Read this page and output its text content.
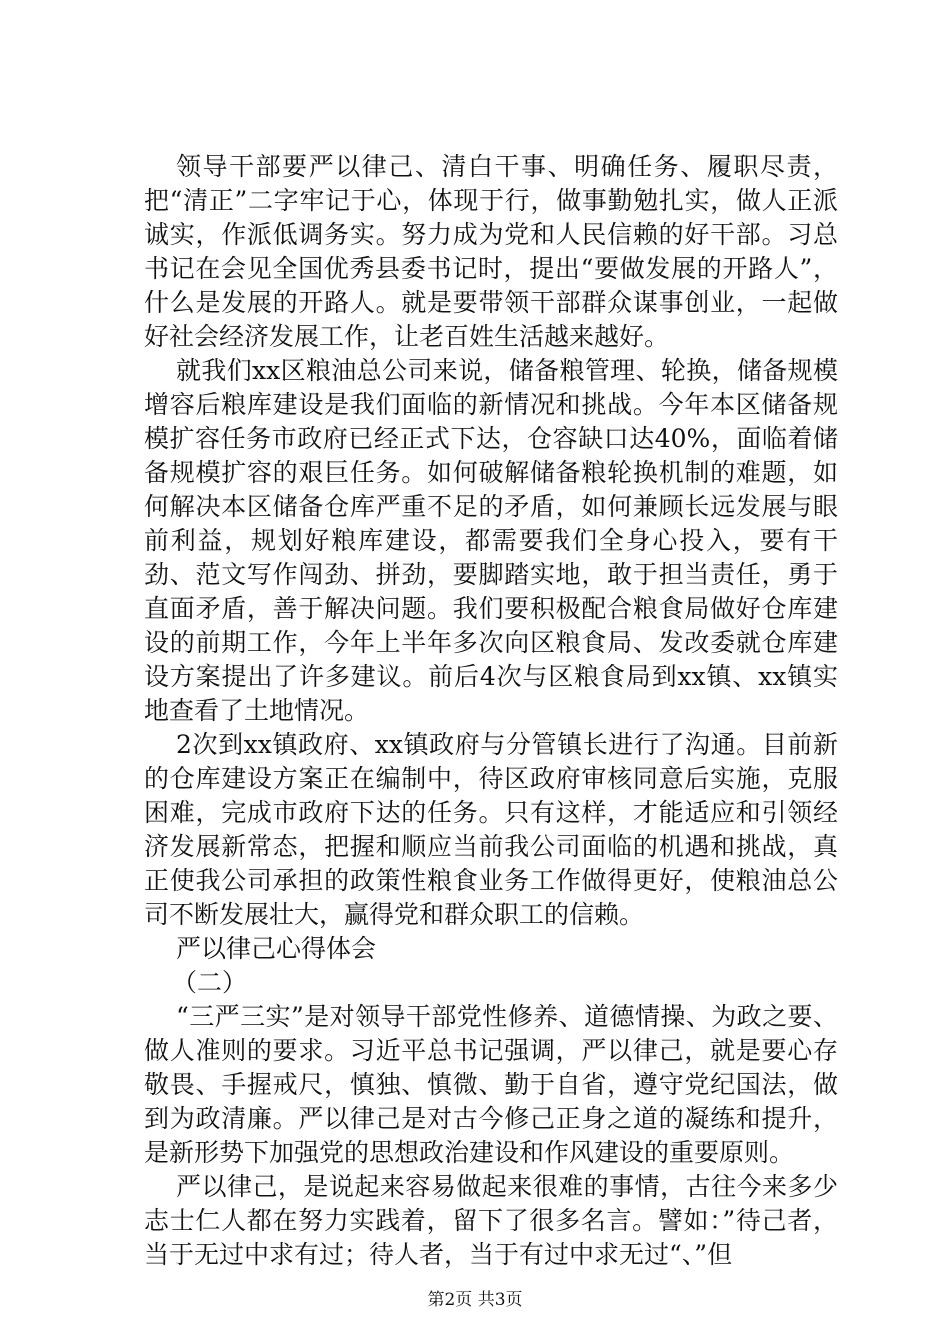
领导干部要严以律己、清白干事、明确任务、履职尽责，把“清正”二字牢记于心，体现于行，做事勤勉扎实，做人正派诚实，作派低调务实。努力成为党和人民信赖的好干部。习总书记在会见全国优秀县委书记时，提出“要做发展的开路人”，什么是发展的开路人。就是要带领干部群众谋事创业，一起做好社会经济发展工作，让老百姓生活越来越好。

就我们xx区粮油总公司来说，储备粮管理、轮换，储备规模增容后粮库建设是我们面临的新情况和挑战。今年本区储备规模扩容任务市政府已经正式下达，仓容缺口达40%，面临着储备规模扩容的艰巨任务。如何破解储备粮轮换机制的难题，如何解决本区储备仓库严重不足的矛盾，如何兼顾长远发展与眼前利益，规划好粮库建设，都需要我们全身心投入，要有干劲、范文写作闯劲、拼劲，要脚踏实地，敢于担当责任，勇于直面矛盾，善于解决问题。我们要积极配合粮食局做好仓库建设的前期工作，今年上半年多次向区粮食局、发改委就仓库建设方案提出了许多建议。前后4次与区粮食局到xx镇、xx镇实地查看了土地情况。

2次到xx镇政府、xx镇政府与分管镇长进行了沟通。目前新的仓库建设方案正在编制中，待区政府审核同意后实施，克服困难，完成市政府下达的任务。只有这样，才能适应和引领经济发展新常态，把握和顺应当前我公司面临的机遇和挑战，真正使我公司承担的政策性粮食业务工作做得更好，使粮油总公司不断发展壮大，赢得党和群众职工的信赖。

严以律己心得体会

（二）

“三严三实”是对领导干部党性修养、道德情操、为政之要、做人准则的要求。习近平总书记强调，严以律己，就是要心存敬畏、手握戒尺，慎独、慎微、勤于自省，遵守党纪国法，做到为政清廉。严以律己是对古今修己正身之道的凝练和提升，是新形势下加强党的思想政治建设和作风建设的重要原则。

严以律己，是说起来容易做起来很难的事情，古往今来多少志士仁人都在努力实践着，留下了很多名言。譬如：”待己者，当于无过中求有过；待人者，当于有过中求无过“、”但

第2页 共3页
